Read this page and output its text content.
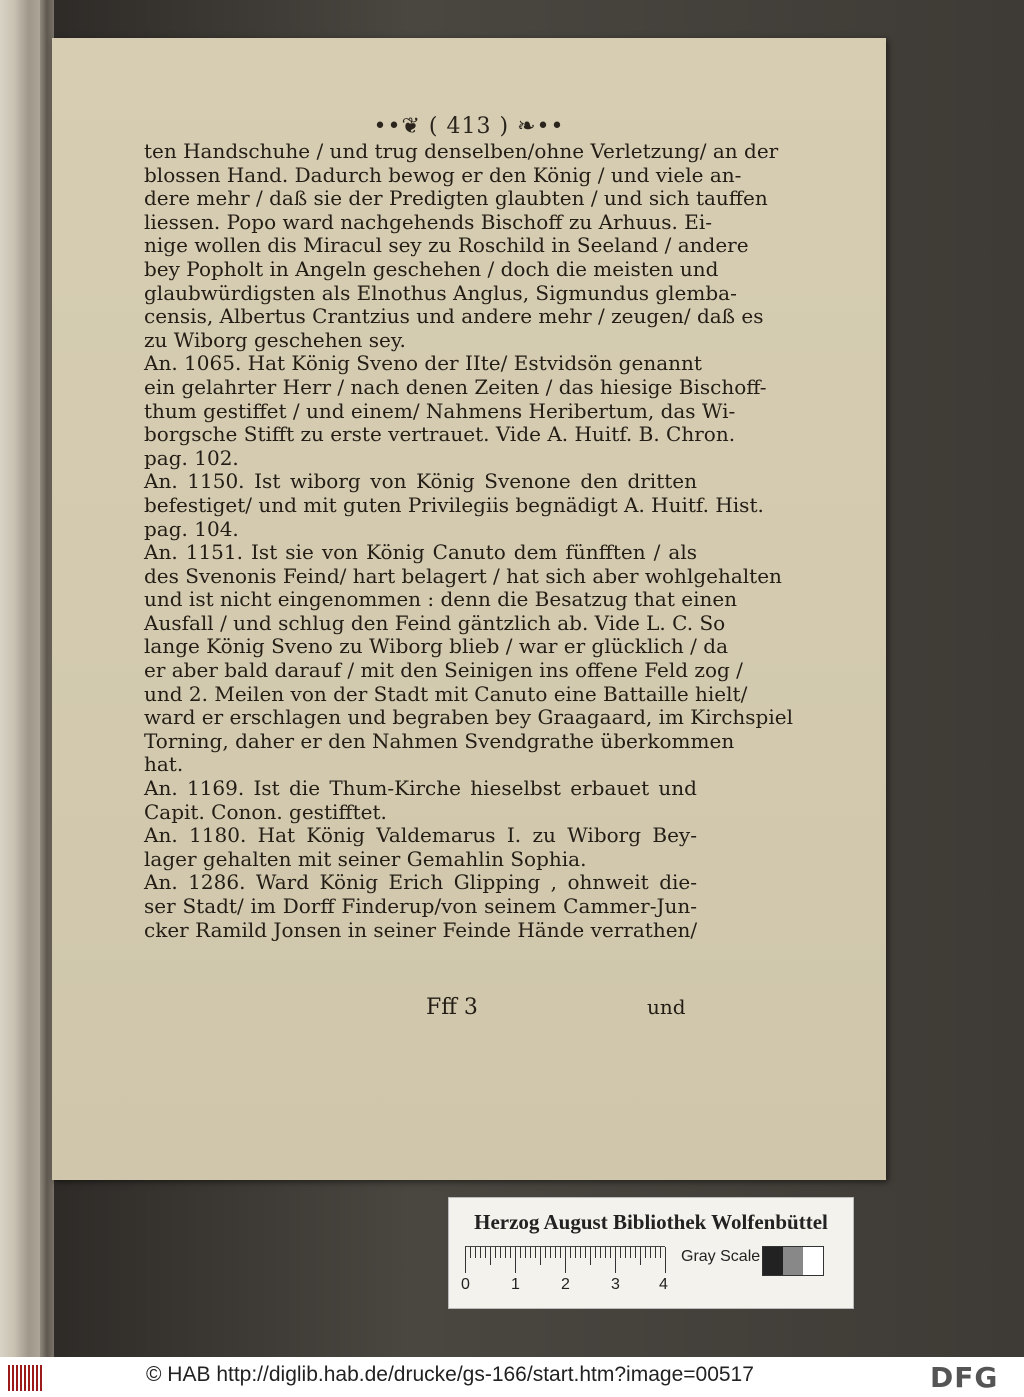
••❦ ( 413 ) ❧••
ten Handschuhe / und trug denselben/ohne Verletzung/ an der
blossen Hand. Dadurch bewog er den König / und viele an-
dere mehr / daß sie der Predigten glaubten / und sich tauffen
liessen. Popo ward nachgehends Bischoff zu Arhuus. Ei-
nige wollen dis Miracul sey zu Roschild in Seeland / andere
bey Popholt in Angeln geschehen / doch die meisten und
glaubwürdigsten als Elnothus Anglus, Sigmundus glemba-
censis, Albertus Crantzius und andere mehr / zeugen/ daß es
zu Wiborg geschehen sey.
An. 1065. Hat König Sveno der IIte/ Estvidsön genannt
ein gelahrter Herr / nach denen Zeiten / das hiesige Bischoff-
thum gestiffet / und einem/ Nahmens Heribertum, das Wi-
borgsche Stifft zu erste vertrauet. Vide A. Huitf. B. Chron.
pag. 102.
An. 1150. Ist wiborg von König Svenone den dritten
befestiget/ und mit guten Privilegiis begnädigt A. Huitf. Hist.
pag. 104.
An. 1151. Ist sie von König Canuto dem fünfften / als
des Svenonis Feind/ hart belagert / hat sich aber wohlgehalten
und ist nicht eingenommen : denn die Besatzug that einen
Ausfall / und schlug den Feind gäntzlich ab. Vide L. C. So
lange König Sveno zu Wiborg blieb / war er glücklich / da
er aber bald darauf / mit den Seinigen ins offene Feld zog /
und 2. Meilen von der Stadt mit Canuto eine Battaille hielt/
ward er erschlagen und begraben bey Graagaard, im Kirchspiel
Torning, daher er den Nahmen Svendgrathe überkommen
hat.
An. 1169. Ist die Thum-Kirche hieselbst erbauet und
Capit. Conon. gestifftet.
An. 1180. Hat König Valdemarus I. zu Wiborg Bey-
lager gehalten mit seiner Gemahlin Sophia.
An. 1286. Ward König Erich Glipping , ohnweit die-
ser Stadt/ im Dorff Finderup/von seinem Cammer-Jun-
cker Ramild Jonsen in seiner Feinde Hände verrathen/
Fff 3	und
Herzog August Bibliothek Wolfenbüttel
0	1	2	3 4
Gray Scale
© HAB http://diglib.hab.de/drucke/gs-166/start.htm?image=00517	DFG
